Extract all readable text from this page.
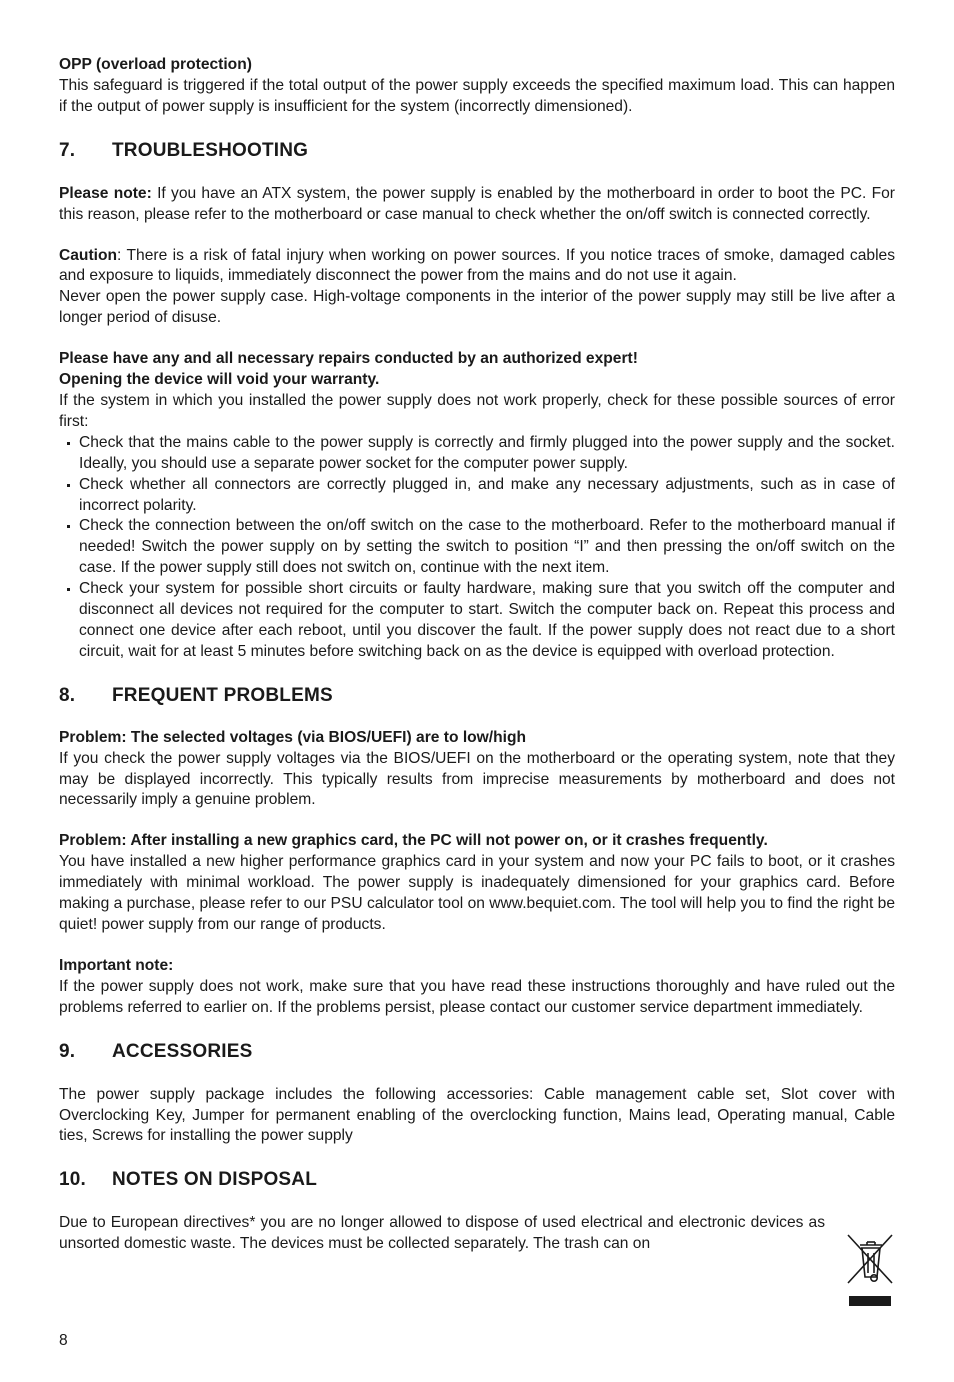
OPP (overload protection)

This safeguard is triggered if the total output of the power supply exceeds the specified maximum load. This can happen if the output of power supply is insufficient for the system (incorrectly dimensioned).

7.	TROUBLESHOOTING

Please note: If you have an ATX system, the power supply is enabled by the motherboard in order to boot the PC. For this reason, please refer to the motherboard or case manual to check whether the on/off switch is connected correctly.

Caution: There is a risk of fatal injury when working on power sources. If you notice traces of smoke, damaged cables and exposure to liquids, immediately disconnect the power from the mains and do not use it again.

Never open the power supply case. High-voltage components in the interior of the power supply may still be live after a longer period of disuse.

Please have any and all necessary repairs conducted by an authorized expert!

Opening the device will void your warranty.

If the system in which you installed the power supply does not work properly, check for these possible sources of error first:

Check that the mains cable to the power supply is correctly and firmly plugged into the power supply and the socket. Ideally, you should use a separate power socket for the computer power supply.
Check whether all connectors are correctly plugged in, and make any necessary adjustments, such as in case of incorrect polarity.
Check the connection between the on/off switch on the case to the motherboard. Refer to the motherboard manual if needed! Switch the power supply on by setting the switch to position “I” and then pressing the on/off switch on the case. If the power supply still does not switch on, continue with the next item.
Check your system for possible short circuits or faulty hardware, making sure that you switch off the computer and disconnect all devices not required for the computer to start. Switch the computer back on. Repeat this process and connect one device after each reboot, until you discover the fault. If the power supply does not react due to a short circuit, wait for at least 5 minutes before switching back on as the device is equipped with overload protection.
8.	FREQUENT PROBLEMS

Problem: The selected voltages (via BIOS/UEFI) are to low/high

If you check the power supply voltages via the BIOS/UEFI on the motherboard or the operating system, note that they may be displayed incorrectly. This typically results from imprecise measurements by motherboard and does not necessarily imply a genuine problem.

Problem: After installing a new graphics card, the PC will not power on, or it crashes frequently.

You have installed a new higher performance graphics card in your system and now your PC fails to boot, or it crashes immediately with minimal workload. The power supply is inadequately dimensioned for your graphics card. Before making a purchase, please refer to our PSU calculator tool on www.bequiet.com. The tool will help you to find the right be quiet! power supply from our range of products.

Important note:

If the power supply does not work, make sure that you have read these instructions thoroughly and have ruled out the problems referred to earlier on. If the problems persist, please contact our customer service department immediately.

9.	ACCESSORIES

The power supply package includes the following accessories: Cable management cable set, Slot cover with Overclocking Key, Jumper for permanent enabling of the overclocking function, Mains lead, Operating manual, Cable ties, Screws for installing the power supply

10.	NOTES ON DISPOSAL

Due to European directives* you are no longer allowed to dispose of used electrical and electronic devices as unsorted domestic waste. The devices must be collected separately. The trash can on

8
